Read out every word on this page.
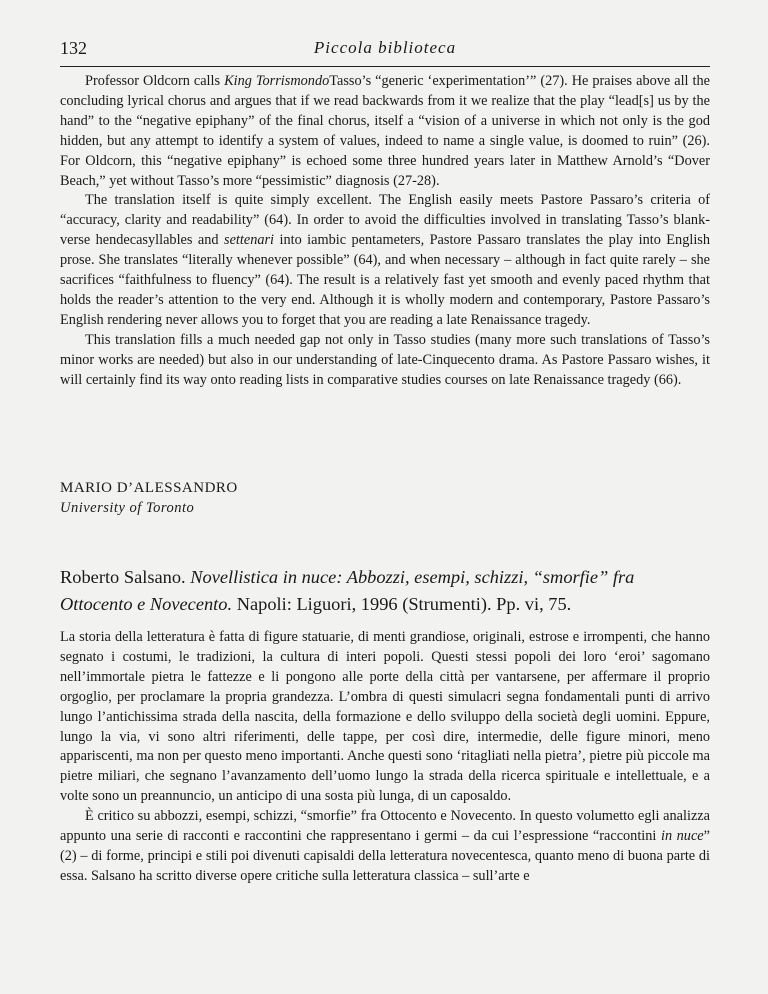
132	Piccola biblioteca

Professor Oldcorn calls King TorrismondoTasso’s “generic ‘experimentation’” (27). He praises above all the concluding lyrical chorus and argues that if we read backwards from it we realize that the play “lead[s] us by the hand” to the “negative epiphany” of the final chorus, itself a “vision of a universe in which not only is the god hidden, but any attempt to identify a system of values, indeed to name a single value, is doomed to ruin” (26). For Oldcorn, this “negative epiphany” is echoed some three hundred years later in Matthew Arnold’s “Dover Beach,” yet without Tasso’s more “pessimistic” diagnosis (27-28).

The translation itself is quite simply excellent. The English easily meets Pastore Passaro’s criteria of “accuracy, clarity and readability” (64). In order to avoid the difficulties involved in translating Tasso’s blank-verse hendecasyllables and settenari into iambic pentameters, Pastore Passaro translates the play into English prose. She translates “literally whenever possible” (64), and when necessary – although in fact quite rarely – she sacrifices “faithfulness to fluency” (64). The result is a relatively fast yet smooth and evenly paced rhythm that holds the reader’s attention to the very end. Although it is wholly modern and contemporary, Pastore Passaro’s English rendering never allows you to forget that you are reading a late Renaissance tragedy.

This translation fills a much needed gap not only in Tasso studies (many more such translations of Tasso’s minor works are needed) but also in our understanding of late-Cinquecento drama. As Pastore Passaro wishes, it will certainly find its way onto reading lists in comparative studies courses on late Renaissance tragedy (66).

MARIO D’ALESSANDRO
University of Toronto
Roberto Salsano. Novellistica in nuce: Abbozzi, esempi, schizzi, “smorfie” fra Ottocento e Novecento. Napoli: Liguori, 1996 (Strumenti). Pp. vi, 75.

La storia della letteratura è fatta di figure statuarie, di menti grandiose, originali, estrose e irrompenti, che hanno segnato i costumi, le tradizioni, la cultura di interi popoli. Questi stessi popoli dei loro ‘eroi’ sagomano nell’immortale pietra le fattezze e li pongono alle porte della città per vantarsene, per affermare il proprio orgoglio, per proclamare la propria grandezza. L’ombra di questi simulacri segna fondamentali punti di arrivo lungo l’antichissima strada della nascita, della formazione e dello sviluppo della società degli uomini. Eppure, lungo la via, vi sono altri riferimenti, delle tappe, per così dire, intermedie, delle figure minori, meno appariscenti, ma non per questo meno importanti. Anche questi sono ‘ritagliati nella pietra’, pietre più piccole ma pietre miliari, che segnano l’avanzamento dell’uomo lungo la strada della ricerca spirituale e intellettuale, e a volte sono un preannuncio, un anticipo di una sosta più lunga, di un caposaldo.

È critico su abbozzi, esempi, schizzi, “smorfie” fra Ottocento e Novecento. In questo volumetto egli analizza appunto una serie di racconti e raccontini che rappresentano i germi – da cui l’espressione “raccontini in nuce” (2) – di forme, principi e stili poi divenuti capisaldi della letteratura novecentesca, quanto meno di buona parte di essa. Salsano ha scritto diverse opere critiche sulla letteratura classica – sull’arte e
